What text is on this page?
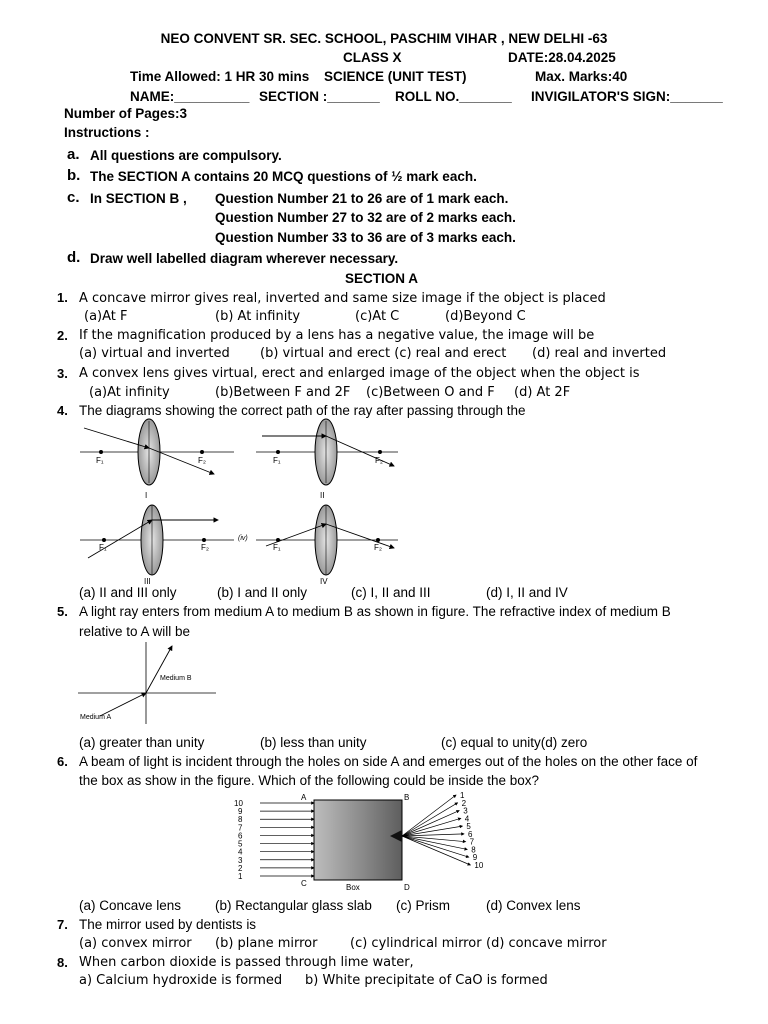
NEO CONVENT SR. SEC. SCHOOL, PASCHIM VIHAR , NEW DELHI -63
CLASS X	DATE:28.04.2025
Time Allowed: 1 HR 30 mins SCIENCE (UNIT TEST)	Max. Marks:40
NAME:__________ SECTION :_______ ROLL NO._______ INVIGILATOR'S SIGN:_______
Number of Pages:3
Instructions :
a. All questions are compulsory.
b. The SECTION A contains 20 MCQ questions of ½ mark each.
c. In SECTION B , Question Number 21 to 26 are of 1 mark each.
Question Number 27 to 32 are of 2 marks each.
Question Number 33 to 36 are of 3 marks each.
d. Draw well labelled diagram wherever necessary.
SECTION A
1. A concave mirror gives real, inverted and same size image if the object is placed
(a)At F	(b) At infinity	(c)At C	(d)Beyond C
2. If the magnification produced by a lens has a negative value, the image will be
(a) virtual and inverted (b) virtual and erect (c) real and erect (d) real and inverted
3. A convex lens gives virtual, erect and enlarged image of the object when the object is
(a)At infinity	(b)Between F and 2F (c)Between O and F (d) At 2F
4. The diagrams showing the correct path of the ray after passing through the
F₁	F₂
I
F₁	F₂
II
F₁	F₂
III
(iv)
F₁	F₂
IV
(a) II and III only	(b) I and II only	(c) I, II and III	(d) I, II and IV
5. A light ray enters from medium A to medium B as shown in figure. The refractive index of medium B
relative to A will be
Medium B
Medium A
(a) greater than unity	(b) less than unity	(c) equal to unity(d) zero
6. A beam of light is incident through the holes on side A and emerges out of the holes on the other face of
the box as show in the figure. Which of the following could be inside the box?
10
9
8
7
6
5
4
3
2
1
1
2
3
4
5
6
7
8
9
10
A	B
C	D
Box
(a) Concave lens	(b) Rectangular glass slab (c) Prism	(d) Convex lens
7. The mirror used by dentists is
(a) convex mirror (b) plane mirror	(c) cylindrical mirror (d) concave mirror
8. When carbon dioxide is passed through lime water,
a) Calcium hydroxide is formed b) White precipitate of CaO is formed
